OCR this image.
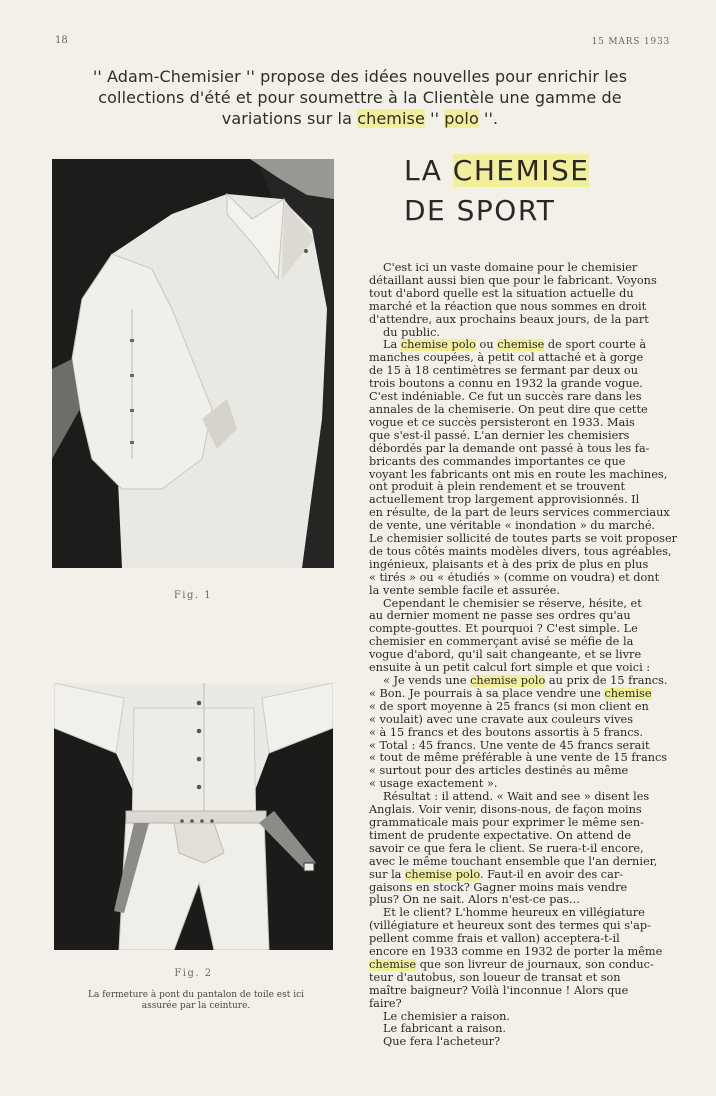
18	15 MARS 1933
'' Adam-Chemisier '' propose des idées nouvelles pour enrichir les
collections d'été et pour soumettre à la Clientèle une gamme de
variations sur la chemise '' polo ''.
LA CHEMISE
DE SPORT
Fig. 1
Fig. 2
La fermeture à pont du pantalon de toile est ici assurée par la ceinture.
C'est ici un vaste domaine pour le chemisier
détaillant aussi bien que pour le fabricant. Voyons
tout d'abord quelle est la situation actuelle du
marché et la réaction que nous sommes en droit
d'attendre, aux prochains beaux jours, de la part
du public.
La chemise polo ou chemise de sport courte à
manches coupées, à petit col attaché et à gorge
de 15 à 18 centimètres se fermant par deux ou
trois boutons a connu en 1932 la grande vogue.
C'est indéniable. Ce fut un succès rare dans les
annales de la chemiserie. On peut dire que cette
vogue et ce succès persisteront en 1933. Mais
que s'est-il passé. L'an dernier les chemisiers
débordés par la demande ont passé à tous les fa-
bricants des commandes importantes ce que
voyant les fabricants ont mis en route les machines,
ont produit à plein rendement et se trouvent
actuellement trop largement approvisionnés. Il
en résulte, de la part de leurs services commerciaux
de vente, une véritable « inondation » du marché.
Le chemisier sollicité de toutes parts se voit proposer
de tous côtés maints modèles divers, tous agréables,
ingénieux, plaisants et à des prix de plus en plus
« tirés » ou « étudiés » (comme on voudra) et dont
la vente semble facile et assurée.
Cependant le chemisier se réserve, hésite, et
au dernier moment ne passe ses ordres qu'au
compte-gouttes. Et pourquoi ? C'est simple. Le
chemisier en commerçant avisé se méfie de la
vogue d'abord, qu'il sait changeante, et se livre
ensuite à un petit calcul fort simple et que voici :
« Je vends une chemise polo au prix de 15 francs.
« Bon. Je pourrais à sa place vendre une chemise
« de sport moyenne à 25 francs (si mon client en
« voulait) avec une cravate aux couleurs vives
« à 15 francs et des boutons assortis à 5 francs.
« Total : 45 francs. Une vente de 45 francs serait
« tout de même préférable à une vente de 15 francs
« surtout pour des articles destinés au même
« usage exactement ».
Résultat : il attend. « Wait and see » disent les
Anglais. Voir venir, disons-nous, de façon moins
grammaticale mais pour exprimer le même sen-
timent de prudente expectative. On attend de
savoir ce que fera le client. Se ruera-t-il encore,
avec le même touchant ensemble que l'an dernier,
sur la chemise polo. Faut-il en avoir des car-
gaisons en stock? Gagner moins mais vendre
plus? On ne sait. Alors n'est-ce pas...
Et le client? L'homme heureux en villégiature
(villégiature et heureux sont des termes qui s'ap-
pellent comme frais et vallon) acceptera-t-il
encore en 1933 comme en 1932 de porter la même
chemise que son livreur de journaux, son conduc-
teur d'autobus, son loueur de transat et son
maître baigneur? Voilà l'inconnue ! Alors que
faire?
Le chemisier a raison.
Le fabricant a raison.
Que fera l'acheteur?
